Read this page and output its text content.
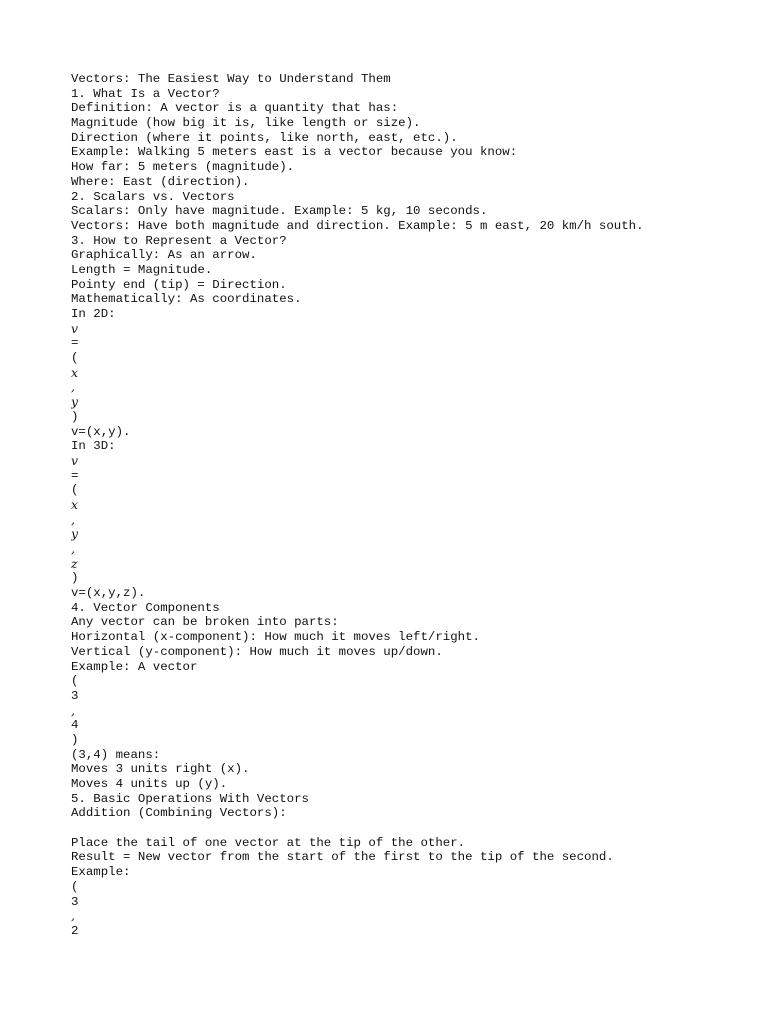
Vectors: The Easiest Way to Understand Them
1. What Is a Vector?
Definition: A vector is a quantity that has:
Magnitude (how big it is, like length or size).
Direction (where it points, like north, east, etc.).
Example: Walking 5 meters east is a vector because you know:
How far: 5 meters (magnitude).
Where: East (direction).
2. Scalars vs. Vectors
Scalars: Only have magnitude. Example: 5 kg, 10 seconds.
Vectors: Have both magnitude and direction. Example: 5 m east, 20 km/h south.
3. How to Represent a Vector?
Graphically: As an arrow.
Length = Magnitude.
Pointy end (tip) = Direction.
Mathematically: As coordinates.
In 2D:
v
=
(
x
,
y
)
v=(x,y).
In 3D:
v
=
(
x
,
y
,
z
)
v=(x,y,z).
4. Vector Components
Any vector can be broken into parts:
Horizontal (x-component): How much it moves left/right.
Vertical (y-component): How much it moves up/down.
Example: A vector
(
3
,
4
)
(3,4) means:
Moves 3 units right (x).
Moves 4 units up (y).
5. Basic Operations With Vectors
Addition (Combining Vectors):
Place the tail of one vector at the tip of the other.
Result = New vector from the start of the first to the tip of the second.
Example:
(
3
,
2
